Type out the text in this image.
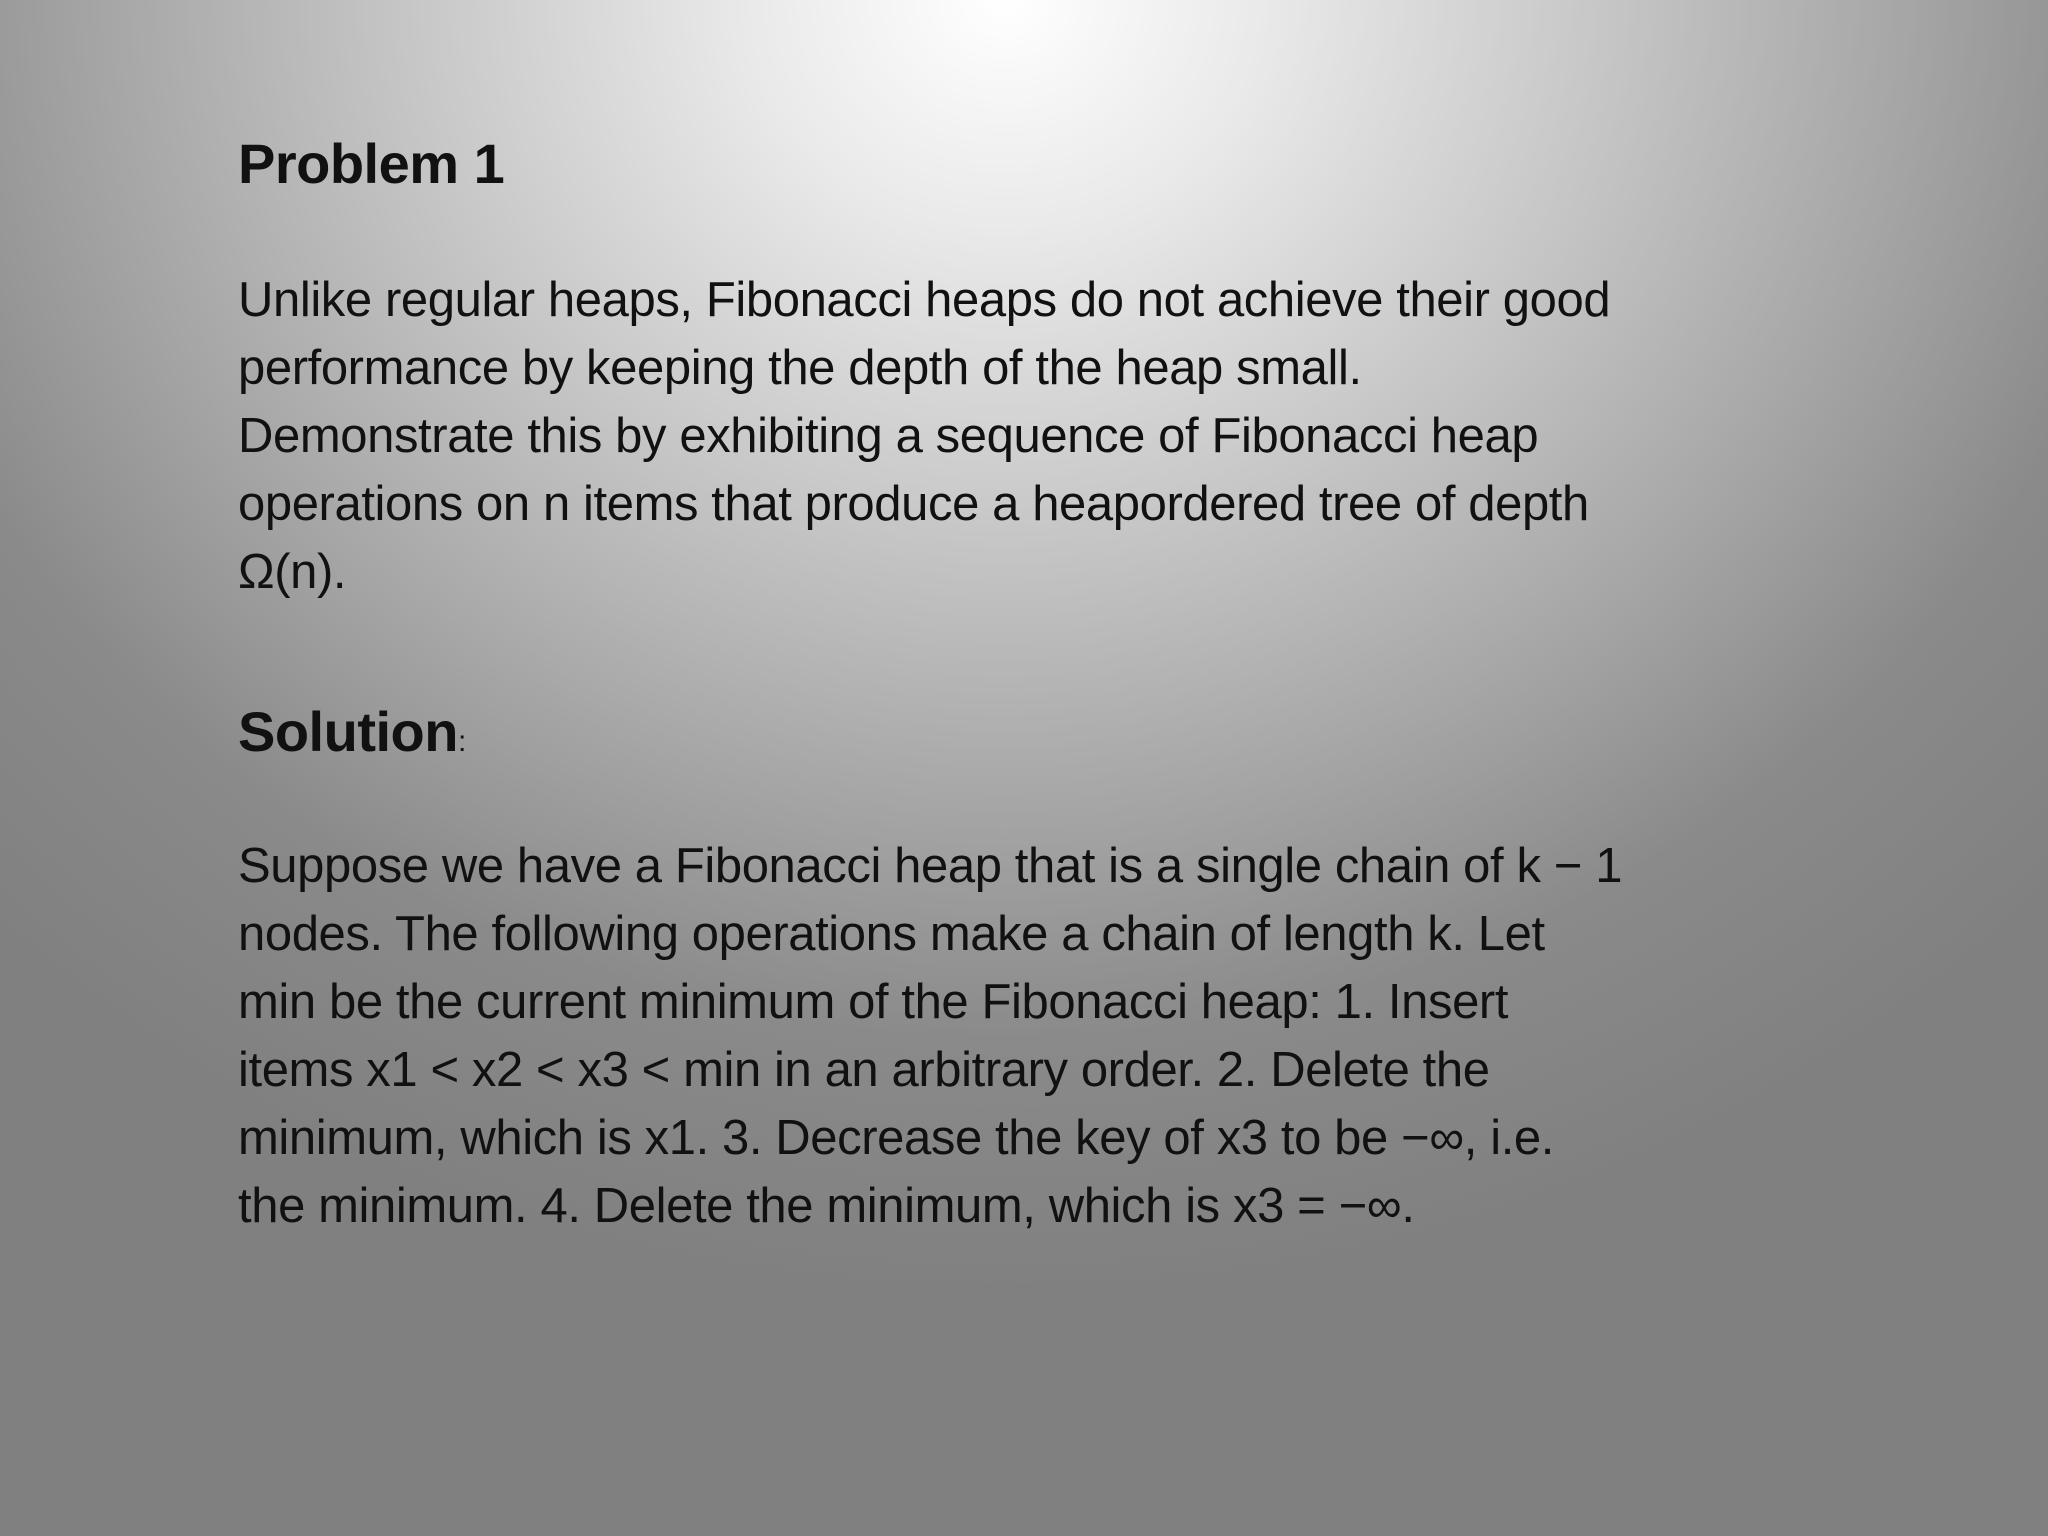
Problem 1
Unlike regular heaps, Fibonacci heaps do not achieve their good
performance by keeping the depth of the heap small.
Demonstrate this by exhibiting a sequence of Fibonacci heap
operations on n items that produce a heapordered tree of depth
Ω(n).
Solution:
Suppose we have a Fibonacci heap that is a single chain of k − 1
nodes. The following operations make a chain of length k. Let
min be the current minimum of the Fibonacci heap: 1. Insert
items x1 < x2 < x3 < min in an arbitrary order. 2. Delete the
minimum, which is x1. 3. Decrease the key of x3 to be −∞, i.e.
the minimum. 4. Delete the minimum, which is x3 = −∞.
